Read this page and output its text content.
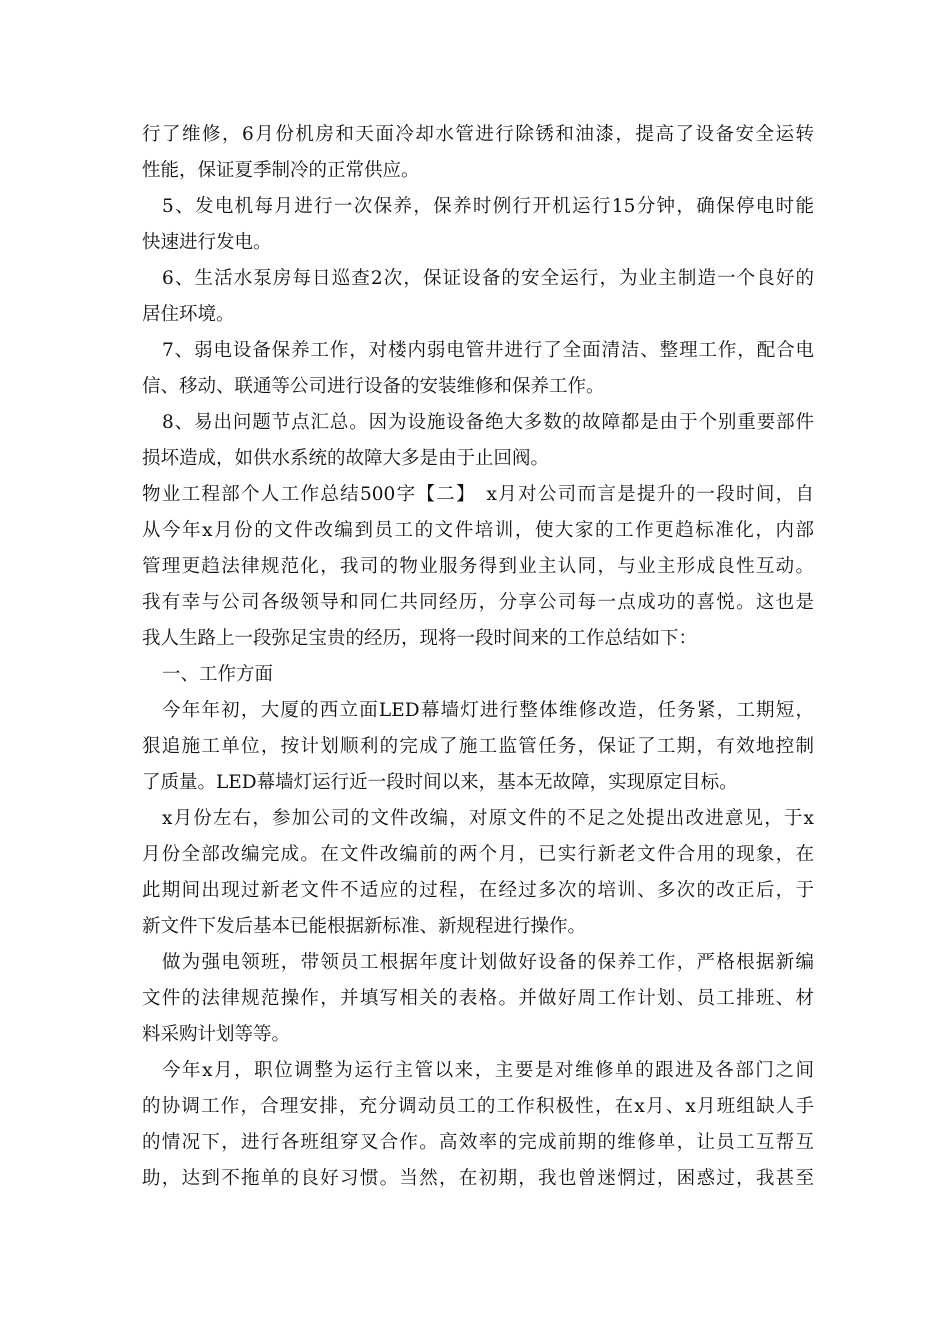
行了维修，6月份机房和天面冷却水管进行除锈和油漆，提高了设备安全运转
性能，保证夏季制冷的正常供应。
5、发电机每月进行一次保养，保养时例行开机运行15分钟，确保停电时能
快速进行发电。
6、生活水泵房每日巡查2次，保证设备的安全运行，为业主制造一个良好的
居住环境。
7、弱电设备保养工作，对楼内弱电管井进行了全面清洁、整理工作，配合电
信、移动、联通等公司进行设备的安装维修和保养工作。
8、易出问题节点汇总。因为设施设备绝大多数的故障都是由于个别重要部件
损坏造成，如供水系统的故障大多是由于止回阀。
物业工程部个人工作总结500字【二】　x月对公司而言是提升的一段时间，自
从今年x月份的文件改编到员工的文件培训，使大家的工作更趋标准化，内部
管理更趋法律规范化，我司的物业服务得到业主认同，与业主形成良性互动。
我有幸与公司各级领导和同仁共同经历，分享公司每一点成功的喜悦。这也是
我人生路上一段弥足宝贵的经历，现将一段时间来的工作总结如下：
一、工作方面
今年年初，大厦的西立面LED幕墙灯进行整体维修改造，任务紧，工期短，
狠追施工单位，按计划顺利的完成了施工监管任务，保证了工期，有效地控制
了质量。LED幕墙灯运行近一段时间以来，基本无故障，实现原定目标。
x月份左右，参加公司的文件改编，对原文件的不足之处提出改进意见，于x
月份全部改编完成。在文件改编前的两个月，已实行新老文件合用的现象，在
此期间出现过新老文件不适应的过程，在经过多次的培训、多次的改正后，于
新文件下发后基本已能根据新标准、新规程进行操作。
做为强电领班，带领员工根据年度计划做好设备的保养工作，严格根据新编
文件的法律规范操作，并填写相关的表格。并做好周工作计划、员工排班、材
料采购计划等等。
今年x月，职位调整为运行主管以来，主要是对维修单的跟进及各部门之间
的协调工作，合理安排，充分调动员工的工作积极性，在x月、x月班组缺人手
的情况下，进行各班组穿叉合作。高效率的完成前期的维修单，让员工互帮互
助，达到不拖单的良好习惯。当然，在初期，我也曾迷惘过，困惑过，我甚至
